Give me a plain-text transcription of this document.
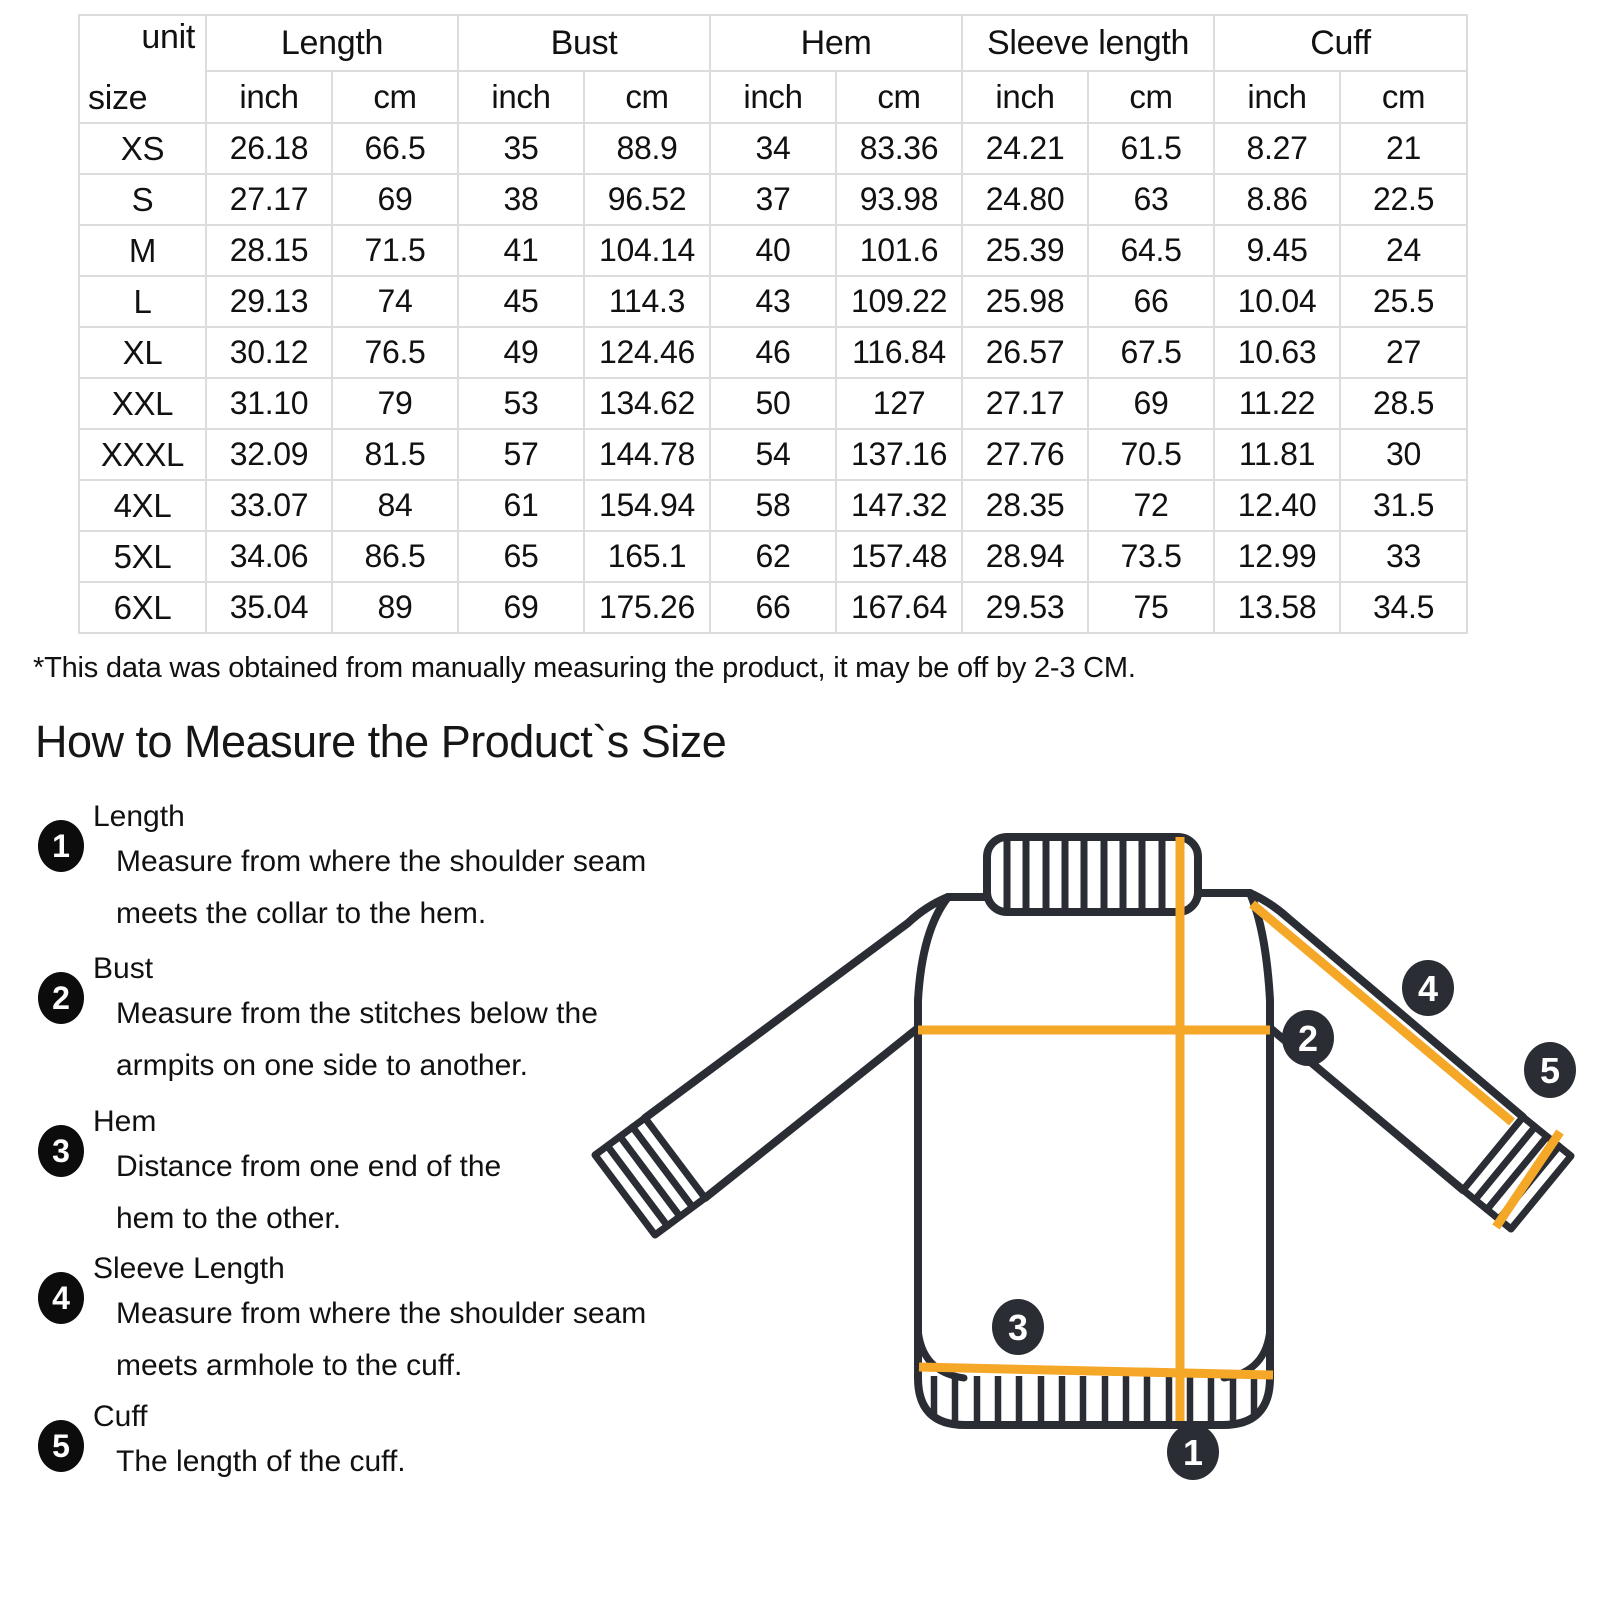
unit
size	Length		Bust		Hem		Sleeve length		Cuff	
	inch	cm	inch	cm	inch	cm	inch	cm	inch	cm
XS	26.18	66.5	35	88.9	34	83.36	24.21	61.5	8.27	21
S	27.17	69	38	96.52	37	93.98	24.80	63	8.86	22.5
M	28.15	71.5	41	104.14	40	101.6	25.39	64.5	9.45	24
L	29.13	74	45	114.3	43	109.22	25.98	66	10.04	25.5
XL	30.12	76.5	49	124.46	46	116.84	26.57	67.5	10.63	27
XXL	31.10	79	53	134.62	50	127	27.17	69	11.22	28.5
XXXL	32.09	81.5	57	144.78	54	137.16	27.76	70.5	11.81	30
4XL	33.07	84	61	154.94	58	147.32	28.35	72	12.40	31.5
5XL	34.06	86.5	65	165.1	62	157.48	28.94	73.5	12.99	33
6XL	35.04	89	69	175.26	66	167.64	29.53	75	13.58	34.5
*This data was obtained from manually measuring the product, it may be off by 2-3 CM.
How to Measure the Product`s Size
1
Length
Measure from where the shoulder seam
meets the collar to the hem.
2
Bust
Measure from the stitches below the
armpits on one side to another.
3
Hem
Distance from one end of the
hem to the other.
4
Sleeve Length
Measure from where the shoulder seam
meets armhole to the cuff.
5
Cuff
The length of the cuff.	1
2
3
4
5
